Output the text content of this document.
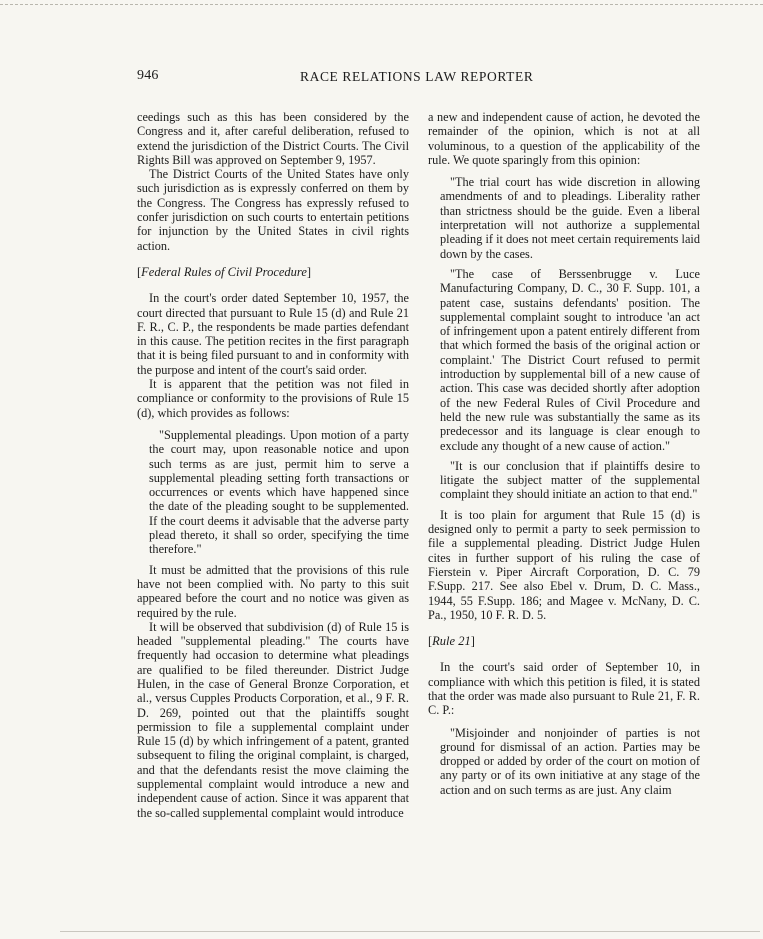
946	RACE RELATIONS LAW REPORTER

ceedings such as this has been considered by the Congress and it, after careful deliberation, refused to extend the jurisdiction of the District Courts. The Civil Rights Bill was approved on September 9, 1957.

The District Courts of the United States have only such jurisdiction as is expressly conferred on them by the Congress. The Congress has expressly refused to confer jurisdiction on such courts to entertain petitions for injunction by the United States in civil rights action.

[Federal Rules of Civil Procedure]

In the court's order dated September 10, 1957, the court directed that pursuant to Rule 15 (d) and Rule 21 F. R., C. P., the respondents be made parties defendant in this cause. The petition recites in the first paragraph that it is being filed pursuant to and in conformity with the purpose and intent of the court's said order.

It is apparent that the petition was not filed in compliance or conformity to the provisions of Rule 15 (d), which provides as follows:

"Supplemental pleadings. Upon motion of a party the court may, upon reasonable notice and upon such terms as are just, permit him to serve a supplemental pleading setting forth transactions or occurrences or events which have happened since the date of the pleading sought to be supplemented. If the court deems it advisable that the adverse party plead thereto, it shall so order, specifying the time therefore."

It must be admitted that the provisions of this rule have not been complied with. No party to this suit appeared before the court and no notice was given as required by the rule.

It will be observed that subdivision (d) of Rule 15 is headed "supplemental pleading." The courts have frequently had occasion to determine what pleadings are qualified to be filed thereunder. District Judge Hulen, in the case of General Bronze Corporation, et al., versus Cupples Products Corporation, et al., 9 F. R. D. 269, pointed out that the plaintiffs sought permission to file a supplemental complaint under Rule 15 (d) by which infringement of a patent, granted subsequent to filing the original complaint, is charged, and that the defendants resist the move claiming the supplemental complaint would introduce a new and independent cause of action. Since it was apparent that the so-called supplemental complaint would introduce

a new and independent cause of action, he devoted the remainder of the opinion, which is not at all voluminous, to a question of the applicability of the rule. We quote sparingly from this opinion:

"The trial court has wide discretion in allowing amendments of and to pleadings. Liberality rather than strictness should be the guide. Even a liberal interpretation will not authorize a supplemental pleading if it does not meet certain requirements laid down by the cases.

"The case of Berssenbrugge v. Luce Manufacturing Company, D. C., 30 F. Supp. 101, a patent case, sustains defendants' position. The supplemental complaint sought to introduce 'an act of infringement upon a patent entirely different from that which formed the basis of the original action or complaint.' The District Court refused to permit introduction by supplemental bill of a new cause of action. This case was decided shortly after adoption of the new Federal Rules of Civil Procedure and held the new rule was substantially the same as its predecessor and its language is clear enough to exclude any thought of a new cause of action."

"It is our conclusion that if plaintiffs desire to litigate the subject matter of the supplemental complaint they should initiate an action to that end."

It is too plain for argument that Rule 15 (d) is designed only to permit a party to seek permission to file a supplemental pleading. District Judge Hulen cites in further support of his ruling the case of Fierstein v. Piper Aircraft Corporation, D. C. 79 F.Supp. 217. See also Ebel v. Drum, D. C. Mass., 1944, 55 F.Supp. 186; and Magee v. McNany, D. C. Pa., 1950, 10 F. R. D. 5.

[Rule 21]

In the court's said order of September 10, in compliance with which this petition is filed, it is stated that the order was made also pursuant to Rule 21, F. R. C. P.:

"Misjoinder and nonjoinder of parties is not ground for dismissal of an action. Parties may be dropped or added by order of the court on motion of any party or of its own initiative at any stage of the action and on such terms as are just. Any claim
